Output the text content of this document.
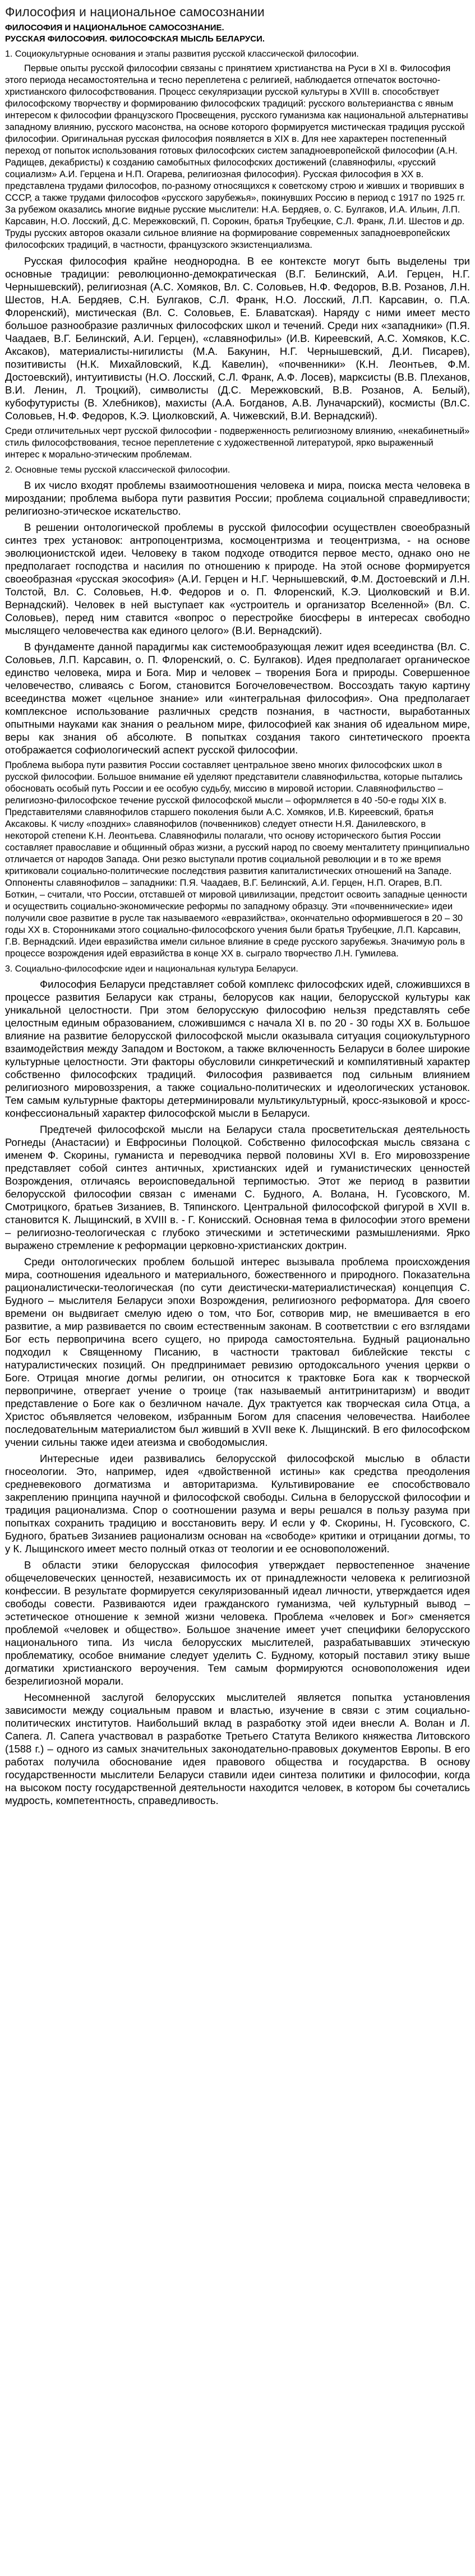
Философия и национальное самосознании
ФИЛОСОФИЯ И НАЦИОНАЛЬНОЕ САМОСОЗНАНИЕ.
РУССКАЯ ФИЛОСОФИЯ. ФИЛОСОФСКАЯ МЫСЛЬ БЕЛАРУСИ.
1. Социокультурные основания и этапы развития русской классической философии.

Первые опыты русской философии связаны с принятием христианства на Руси в XI в. Философия этого периода несамостоятельна и тесно переплетена с религией, наблюдается отпечаток восточно-христианского философствования. Процесс секуляризации русской культуры в XVIII в. способствует философскому творчеству и формированию философских традиций: русского вольтерианства с явным интересом к философии французского Просвещения, русского гуманизма как национальной альтернативы западному влиянию, русского масонства, на основе которого формируется мистическая традиция русской философии. Оригинальная русская философия появляется в XIX в. Для нее характерен постепенный переход от попыток использования готовых философских систем западноевропейской философии (А.Н. Радищев, декабристы) к созданию самобытных философских достижений (славянофилы, «русский социализм» А.И. Герцена и Н.П. Огарева, религиозная философия). Русская философия в XX в. представлена трудами философов, по-разному относящихся к советскому строю и живших и творивших в СССР, а также трудами философов «русского зарубежья», покинувших Россию в период с 1917 по 1925 гг. За рубежом оказались многие видные русские мыслители: Н.А. Бердяев, о. С. Булгаков, И.А. Ильин, Л.П. Карсавин, Н.О. Лосский, Д.С. Мережковский, П. Сорокин, братья Трубецкие, С.Л. Франк, Л.И. Шестов и др. Труды русских авторов оказали сильное влияние на формирование современных западноевропейских философских традиций, в частности, французского экзистенциализма.

Русская философия крайне неоднородна. В ее контексте могут быть выделены три основные традиции: революционно-демократическая (В.Г. Белинский, А.И. Герцен, Н.Г. Чернышевский), религиозная (А.С. Хомяков, Вл. С. Соловьев, Н.Ф. Федоров, В.В. Розанов, Л.Н. Шестов, Н.А. Бердяев, С.Н. Булгаков, С.Л. Франк, Н.О. Лосский, Л.П. Карсавин, о. П.А. Флоренский), мистическая (Вл. С. Соловьев, Е. Блаватская). Наряду с ними имеет место большое разнообразие различных философских школ и течений. Среди них «западники» (П.Я. Чаадаев, В.Г. Белинский, А.И. Герцен), «славянофилы» (И.В. Киреевский, А.С. Хомяков, К.С. Аксаков), материалисты-нигилисты (М.А. Бакунин, Н.Г. Чернышевский, Д.И. Писарев), позитивисты (Н.К. Михайловский, К.Д. Кавелин), «почвенники» (К.Н. Леонтьев, Ф.М. Достоевский), интуитивисты (Н.О. Лосский, С.Л. Франк, А.Ф. Лосев), марксисты (В.В. Плеханов, В.И. Ленин, Л. Троцкий), символисты (Д.С. Мережковский, В.В. Розанов, А. Белый), кубофутуристы (В. Хлебников), махисты (А.А. Богданов, А.В. Луначарский), космисты (Вл.С. Соловьев, Н.Ф. Федоров, К.Э. Циолковский, А. Чижевский, В.И. Вернадский).

Среди отличительных черт русской философии - подверженность религиозному влиянию, «некабинетный» стиль философствования, тесное переплетение с художественной литературой, ярко выраженный интерес к морально-этическим проблемам.

2. Основные темы русской классической философии.

В их число входят проблемы взаимоотношения человека и мира, поиска места человека в мироздании; проблема выбора пути развития России; проблема социальной справедливости; религиозно-этическое искательство.

В решении онтологической проблемы в русской философии осуществлен своеобразный синтез трех установок: антропоцентризма, космоцентризма и теоцентризма, - на основе эволюционистской идеи. Человеку в таком подходе отводится первое место, однако оно не предполагает господства и насилия по отношению к природе. На этой основе формируется своеобразная «русская экософия» (А.И. Герцен и Н.Г. Чернышевский, Ф.М. Достоевский и Л.Н. Толстой, Вл. С. Соловьев, Н.Ф. Федоров и о. П. Флоренский, К.Э. Циолковский и В.И. Вернадский). Человек в ней выступает как «устроитель и организатор Вселенной» (Вл. С. Соловьев), перед ним ставится «вопрос о перестройке биосферы в интересах свободно мыслящего человечества как единого целого» (В.И. Вернадский).

В фундаменте данной парадигмы как системообразующая лежит идея всеединства (Вл. С. Соловьев, Л.П. Карсавин, о. П. Флоренский, о. С. Булгаков). Идея предполагает органическое единство человека, мира и Бога. Мир и человек – творения Бога и природы. Совершенное человечество, сливаясь с Богом, становится Богочеловечеством. Воссоздать такую картину всеединства может «цельное знание» или «интегральная философия». Она предполагает комплексное использование различных средств познания, в частности, выработанных опытными науками как знания о реальном мире, философией как знания об идеальном мире, веры как знания об абсолюте. В попытках создания такого синтетического проекта отображается софиологический аспект русской философии.

Проблема выбора пути развития России составляет центральное звено многих философских школ в русской философии. Большое внимание ей уделяют представители славянофильства, которые пытались обосновать особый путь России и ее особую судьбу, миссию в мировой истории. Славянофильство – религиозно-философское течение русской философской мысли – оформляется в 40 -50-е годы XIX в. Представителями славянофилов старшего поколения были А.С. Хомяков, И.В. Киреевский, братья Аксаковы. К числу «поздних» славянофилов (почвенников) следует отнести Н.Я. Данилевского, в некоторой степени К.Н. Леонтьева. Славянофилы полагали, что основу исторического бытия России составляет православие и общинный образ жизни, а русский народ по своему менталитету принципиально отличается от народов Запада. Они резко выступали против социальной революции и в то же время критиковали социально-политические последствия развития капиталистических отношений на Западе. Оппоненты славянофилов – западники: П.Я. Чаадаев, В.Г. Белинский, А.И. Герцен, Н.П. Огарев, В.П. Боткин, – считали, что России, отставшей от мировой цивилизации, предстоит освоить западные ценности и осуществить социально-экономические реформы по западному образцу. Эти «почвеннические» идеи получили свое развитие в русле так называемого «евразийства», окончательно оформившегося в 20 – 30 годы XX в. Сторонниками этого социально-философского учения были братья Трубецкие, Л.П. Карсавин, Г.В. Вернадский. Идеи евразийства имели сильное влияние в среде русского зарубежья. Значимую роль в процессе возрождения идей евразийства в конце XX в. сыграло творчество Л.Н. Гумилева.

3. Социально-философские идеи и национальная культура Беларуси.

Философия Беларуси представляет собой комплекс философских идей, сложившихся в процессе развития Беларуси как страны, белорусов как нации, белорусской культуры как уникальной целостности. При этом белорусскую философию нельзя представлять себе целостным единым образованием, сложившимся с начала XI в. по 20 - 30 годы XX в. Большое влияние на развитие белорусской философской мысли оказывала ситуация социокультурного взаимодействия между Западом и Востоком, а также включенность Беларуси в более широкие культурные целостности. Эти факторы обусловили синкретический и компилятивный характер собственно философских традиций. Философия развивается под сильным влиянием религиозного мировоззрения, а также социально-политических и идеологических установок. Тем самым культурные факторы детерминировали мультикультурный, кросс-языковой и кросс-конфессиональный характер философской мысли в Беларуси.

Предтечей философской мысли на Беларуси стала просветительская деятельность Рогнеды (Анастасии) и Евфросиньи Полоцкой. Собственно философская мысль связана с именем Ф. Скорины, гуманиста и переводчика первой половины XVI в. Его мировоззрение представляет собой синтез античных, христианских идей и гуманистических ценностей Возрождения, отличаясь вероисповедальной терпимостью. Этот же период в развитии белорусской философии связан с именами С. Будного, А. Волана, Н. Гусовского, М. Смотрицкого, братьев Зизаниев, В. Тяпинского. Центральной философской фигурой в XVII в. становится К. Лыщинский, в XVIII в. - Г. Конисский. Основная тема в философии этого времени – религиозно-теологическая с глубоко этическими и эстетическими размышлениями. Ярко выражено стремление к реформации церковно-христианских доктрин.

Среди онтологических проблем большой интерес вызывала проблема происхождения мира, соотношения идеального и материального, божественного и природного. Показательна рационалистически-теологическая (по сути деистически-материалистическая) концепция С. Будного – мыслителя Беларуси эпохи Возрождения, религиозного реформатора. Для своего времени он выдвигает смелую идею о том, что Бог, сотворив мир, не вмешивается в его развитие, а мир развивается по своим естественным законам. В соответствии с его взглядами Бог есть первопричина всего сущего, но природа самостоятельна. Будный рационально подходил к Священному Писанию, в частности трактовал библейские тексты с натуралистических позиций. Он предпринимает ревизию ортодоксального учения церкви о Боге. Отрицая многие догмы религии, он относится к трактовке Бога как к творческой первопричине, отвергает учение о троице (так называемый антитринитаризм) и вводит представление о Боге как о безличном начале. Дух трактуется как творческая сила Отца, а Христос объявляется человеком, избранным Богом для спасения человечества. Наиболее последовательным материалистом был живший в XVII веке К. Лыщинский. В его философском учении сильны также идеи атеизма и свободомыслия.

Интересные идеи развивались белорусской философской мыслью в области гносеологии. Это, например, идея «двойственной истины» как средства преодоления средневекового догматизма и авторитаризма. Культивирование ее способствовало закреплению принципа научной и философской свободы. Сильна в белорусской философии и традиция рационализма. Спор о соотношении разума и веры решался в пользу разума при попытках сохранить традицию и восстановить веру. И если у Ф. Скорины, Н. Гусовского, С. Будного, братьев Зизаниев рационализм основан на «свободе» критики и отрицании догмы, то у К. Лыщинского имеет место полный отказ от теологии и ее основоположений.

В области этики белорусская философия утверждает первостепенное значение общечеловеческих ценностей, независимость их от принадлежности человека к религиозной конфессии. В результате формируется секуляризованный идеал личности, утверждается идея свободы совести. Развиваются идеи гражданского гуманизма, чей культурный вывод – эстетическое отношение к земной жизни человека. Проблема «человек и Бог» сменяется проблемой «человек и общество». Большое значение имеет учет специфики белорусского национального типа. Из числа белорусских мыслителей, разрабатывавших этическую проблематику, особое внимание следует уделить С. Будному, который поставил этику выше догматики христианского вероучения. Тем самым формируются основоположения идеи безрелигиозной морали.

Несомненной заслугой белорусских мыслителей является попытка установления зависимости между социальным правом и властью, изучение в связи с этим социально-политических институтов. Наибольший вклад в разработку этой идеи внесли А. Волан и Л. Сапега. Л. Сапега участвовал в разработке Третьего Статута Великого княжества Литовского (1588 г.) – одного из самых значительных законодательно-правовых документов Европы. В его работах получила обоснование идея правового общества и государства. В основу государственности мыслители Беларуси ставили идеи синтеза политики и философии, когда на высоком посту государственной деятельности находится человек, в котором бы сочетались мудрость, компетентность, справедливость.
